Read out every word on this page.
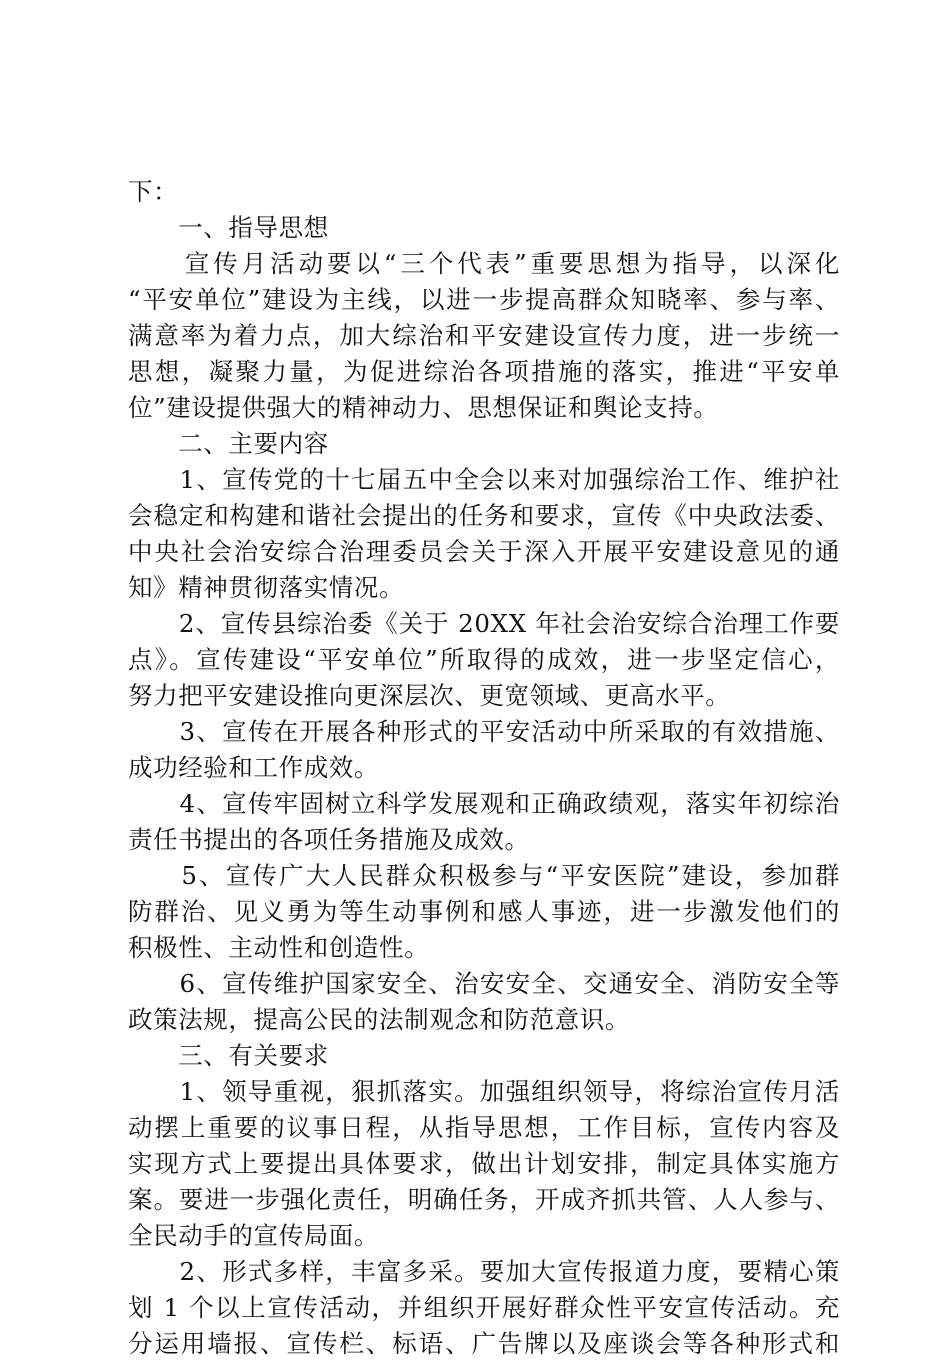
下：
　　一、指导思想
　　宣传月活动要以“三个代表”重要思想为指导，以深化
“平安单位”建设为主线，以进一步提高群众知晓率、参与率、
满意率为着力点，加大综治和平安建设宣传力度，进一步统一
思想，凝聚力量，为促进综治各项措施的落实，推进“平安单
位”建设提供强大的精神动力、思想保证和舆论支持。
　　二、主要内容
　　1、宣传党的十七届五中全会以来对加强综治工作、维护社
会稳定和构建和谐社会提出的任务和要求，宣传《中央政法委、
中央社会治安综合治理委员会关于深入开展平安建设意见的通
知》精神贯彻落实情况。
　　2、宣传县综治委《关于 20XX 年社会治安综合治理工作要
点》。宣传建设“平安单位”所取得的成效，进一步坚定信心，
努力把平安建设推向更深层次、更宽领域、更高水平。
　　3、宣传在开展各种形式的平安活动中所采取的有效措施、
成功经验和工作成效。
　　4、宣传牢固树立科学发展观和正确政绩观，落实年初综治
责任书提出的各项任务措施及成效。
　　5、宣传广大人民群众积极参与“平安医院”建设，参加群
防群治、见义勇为等生动事例和感人事迹，进一步激发他们的
积极性、主动性和创造性。
　　6、宣传维护国家安全、治安安全、交通安全、消防安全等
政策法规，提高公民的法制观念和防范意识。
　　三、有关要求
　　1、领导重视，狠抓落实。加强组织领导，将综治宣传月活
动摆上重要的议事日程，从指导思想，工作目标，宣传内容及
实现方式上要提出具体要求，做出计划安排，制定具体实施方
案。要进一步强化责任，明确任务，开成齐抓共管、人人参与、
全民动手的宣传局面。
　　2、形式多样，丰富多采。要加大宣传报道力度，要精心策
划 1 个以上宣传活动，并组织开展好群众性平安宣传活动。充
分运用墙报、宣传栏、标语、广告牌以及座谈会等各种形式和
